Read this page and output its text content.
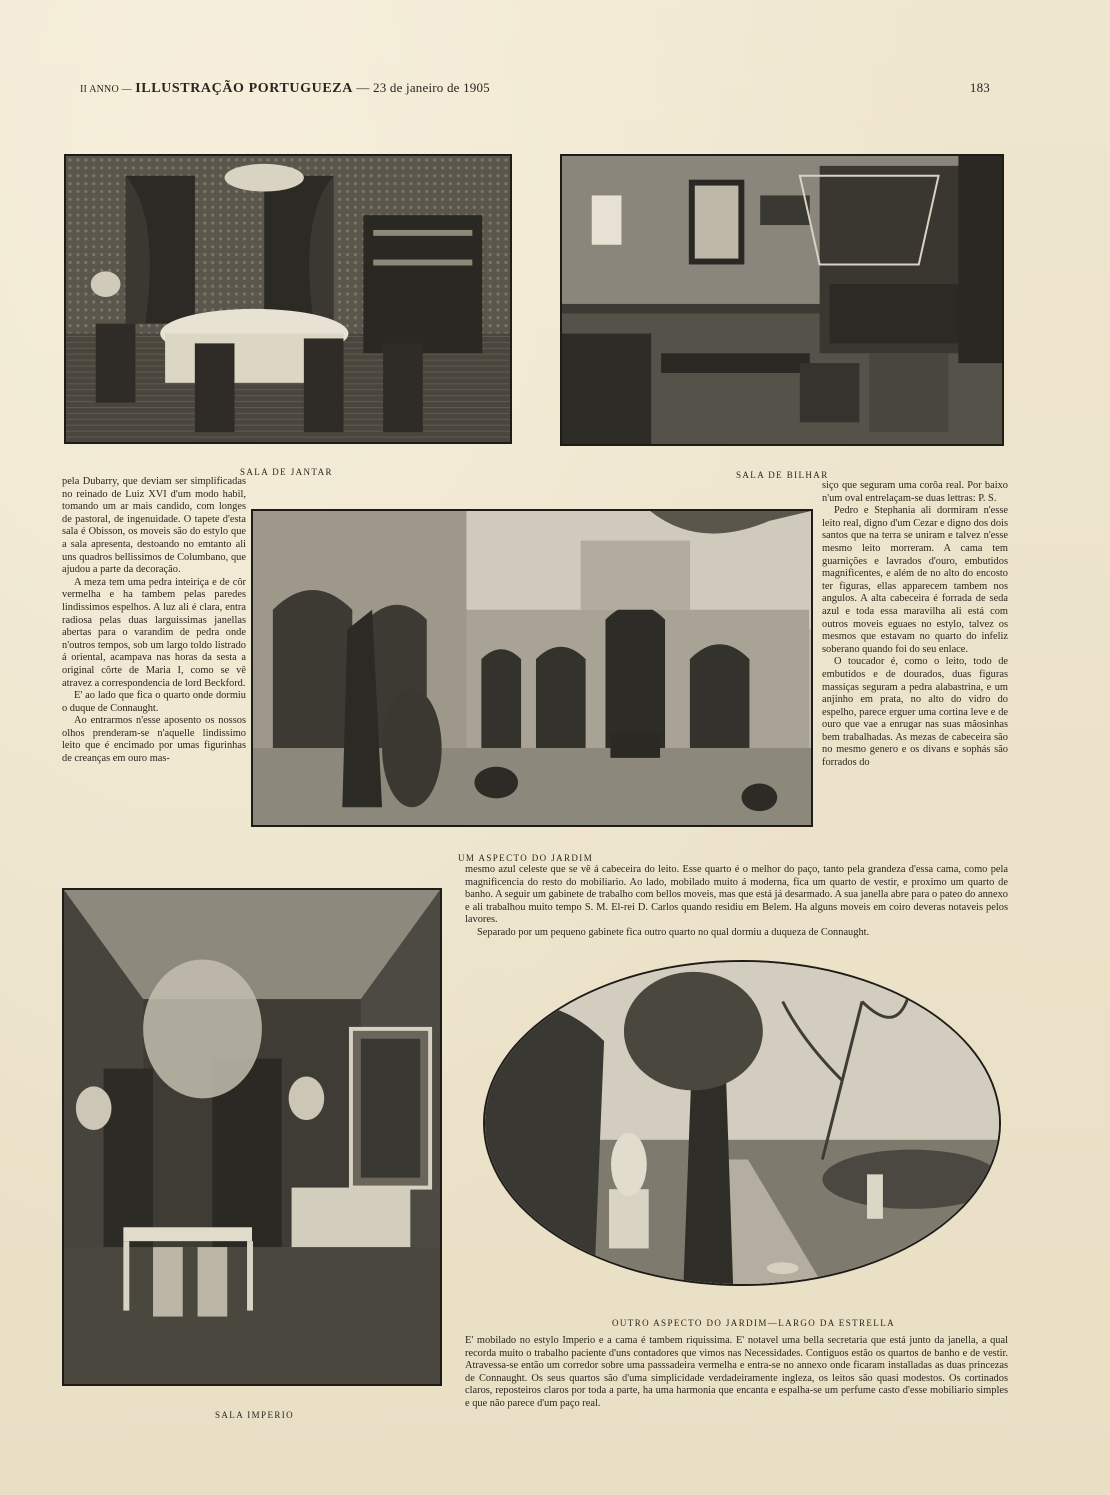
II ANNO — ILLUSTRAÇÃO PORTUGUEZA — 23 de janeiro de 1905	183
SALA DE JANTAR	SALA DE BILHAR

pela Dubarry, que deviam ser simplificadas no reinado de Luiz XVI d'um modo habil, tomando um ar mais candido, com longes de pastoral, de ingenuidade. O tapete d'esta sala é Obisson, os moveis são do estylo que a sala apresenta, destoando no emtanto ali uns quadros bellissimos de Columbano, que ajudou a parte da decoração.

A meza tem uma pedra inteiriça e de côr vermelha e ha tambem pelas paredes lindissimos espelhos. A luz ali é clara, entra radiosa pelas duas larguissimas janellas abertas para o varandim de pedra onde n'outros tempos, sob um largo toldo listrado á oriental, acampava nas horas da sesta a original côrte de Maria I, como se vê atravez a correspondencia de lord Beckford.

E' ao lado que fica o quarto onde dormiu o duque de Connaught.

Ao entrarmos n'esse aposento os nossos olhos prenderam-se n'aquelle lindissimo leito que é encimado por umas figurinhas de creanças em ouro mas-

UM ASPECTO DO JARDIM

siço que seguram uma corôa real. Por baixo n'um oval entrelaçam-se duas lettras: P. S.

Pedro e Stephania ali dormiram n'esse leito real, digno d'um Cezar e digno dos dois santos que na terra se uniram e talvez n'esse mesmo leito morreram. A cama tem guarnições e lavrados d'ouro, embutidos magnificentes, e além de no alto do encosto ter figuras, ellas apparecem tambem nos angulos. A alta cabeceira é forrada de seda azul e toda essa maravilha ali está com outros moveis eguaes no estylo, talvez os mesmos que estavam no quarto do infeliz soberano quando foi do seu enlace.

O toucador é, como o leito, todo de embutidos e de dourados, duas figuras massiças seguram a pedra alabastrina, e um anjinho em prata, no alto do vidro do espelho, parece erguer uma cortina leve e de ouro que vae a enrugar nas suas mãosinhas bem trabalhadas. As mezas de cabeceira são no mesmo genero e os divans e sophás são forrados do

mesmo azul celeste que se vê á cabeceira do leito. Esse quarto é o melhor do paço, tanto pela grandeza d'essa cama, como pela magnificencia do resto do mobiliario. Ao lado, mobilado muito á moderna, fica um quarto de vestir, e proximo um quarto de banho. A seguir um gabinete de trabalho com bellos moveis, mas que está já desarmado. A sua janella abre para o pateo do annexo e ali trabalhou muito tempo S. M. El-rei D. Carlos quando residiu em Belem. Ha alguns moveis em coiro deveras notaveis pelos lavores.

Separado por um pequeno gabinete fica outro quarto no qual dormiu a duqueza de Connaught.

SALA IMPERIO
OUTRO ASPECTO DO JARDIM—LARGO DA ESTRELLA

E' mobilado no estylo Imperio e a cama é tambem riquissima. E' notavel uma bella secretaria que está junto da janella, a qual recorda muito o trabalho paciente d'uns contadores que vimos nas Necessidades. Contiguos estão os quartos de banho e de vestir. Atravessa-se então um corredor sobre uma passsadeira vermelha e entra-se no annexo onde ficaram installadas as duas princezas de Connaught. Os seus quartos são d'uma simplicidade verdadeiramente ingleza, os leitos são quasi modestos. Os cortinados claros, reposteiros claros por toda a parte, ha uma harmonia que encanta e espalha-se um perfume casto d'esse mobiliario simples e que não parece d'um paço real.
